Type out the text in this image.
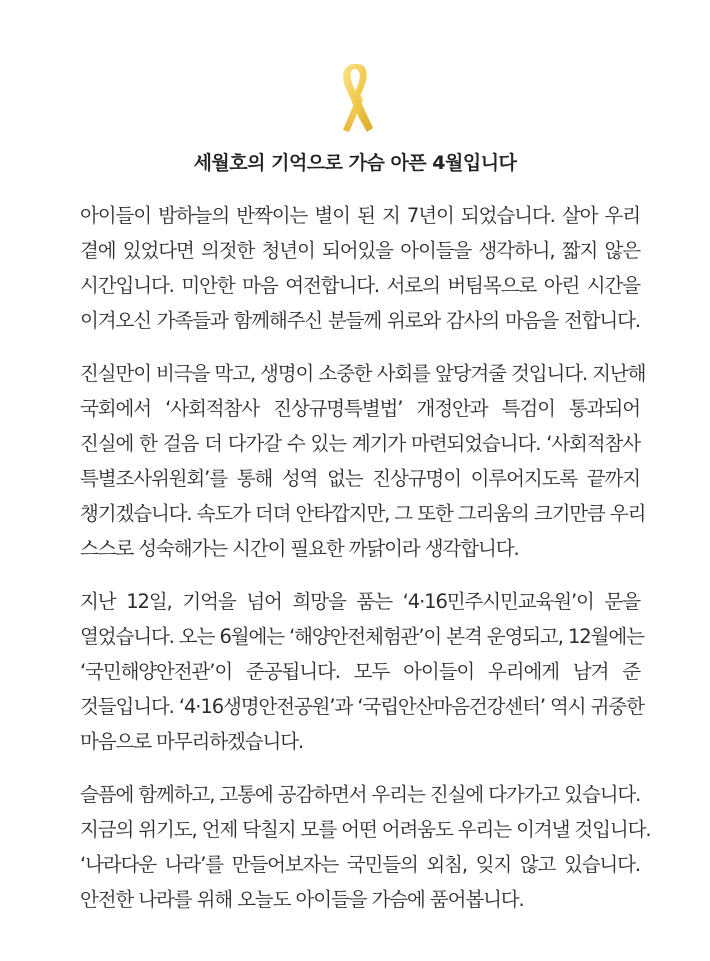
세월호의 기억으로 가슴 아픈 4월입니다
아이들이 밤하늘의 반짝이는 별이 된 지 7년이 되었습니다. 살아 우리
곁에 있었다면 의젓한 청년이 되어있을 아이들을 생각하니, 짧지 않은
시간입니다. 미안한 마음 여전합니다. 서로의 버팀목으로 아린 시간을
이겨오신 가족들과 함께해주신 분들께 위로와 감사의 마음을 전합니다.
진실만이 비극을 막고, 생명이 소중한 사회를 앞당겨줄 것입니다. 지난해
국회에서 ‘사회적참사 진상규명특별법’ 개정안과 특검이 통과되어
진실에 한 걸음 더 다가갈 수 있는 계기가 마련되었습니다. ‘사회적참사
특별조사위원회’를 통해 성역 없는 진상규명이 이루어지도록 끝까지
챙기겠습니다. 속도가 더뎌 안타깝지만, 그 또한 그리움의 크기만큼 우리
스스로 성숙해가는 시간이 필요한 까닭이라 생각합니다.
지난 12일, 기억을 넘어 희망을 품는 ‘4·16민주시민교육원’이 문을
열었습니다. 오는 6월에는 ‘해양안전체험관’이 본격 운영되고, 12월에는
‘국민해양안전관’이 준공됩니다. 모두 아이들이 우리에게 남겨 준
것들입니다. ‘4·16생명안전공원’과 ‘국립안산마음건강센터’ 역시 귀중한
마음으로 마무리하겠습니다.
슬픔에 함께하고, 고통에 공감하면서 우리는 진실에 다가가고 있습니다.
지금의 위기도, 언제 닥칠지 모를 어떤 어려움도 우리는 이겨낼 것입니다.
‘나라다운 나라’를 만들어보자는 국민들의 외침, 잊지 않고 있습니다.
안전한 나라를 위해 오늘도 아이들을 가슴에 품어봅니다.
